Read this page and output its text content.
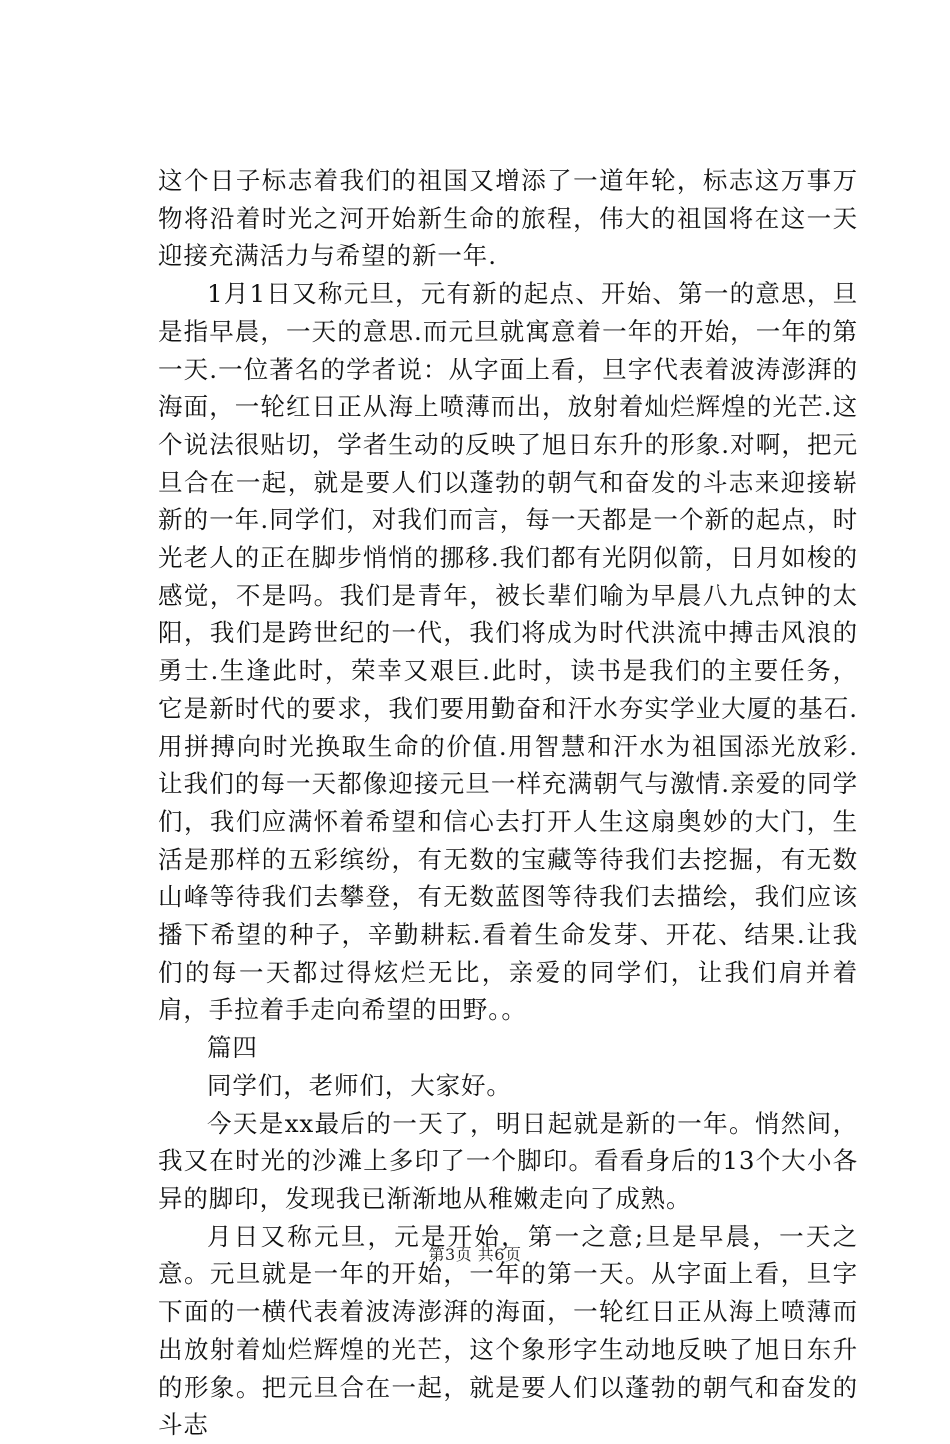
这个日子标志着我们的祖国又增添了一道年轮，标志这万事万物将沿着时光之河开始新生命的旅程，伟大的祖国将在这一天迎接充满活力与希望的新一年.

1月1日又称元旦，元有新的起点、开始、第一的意思，旦是指早晨，一天的意思.而元旦就寓意着一年的开始，一年的第一天.一位著名的学者说：从字面上看，旦字代表着波涛澎湃的海面，一轮红日正从海上喷薄而出，放射着灿烂辉煌的光芒.这个说法很贴切，学者生动的反映了旭日东升的形象.对啊，把元旦合在一起，就是要人们以蓬勃的朝气和奋发的斗志来迎接崭新的一年.同学们，对我们而言，每一天都是一个新的起点，时光老人的正在脚步悄悄的挪移.我们都有光阴似箭，日月如梭的感觉，不是吗。我们是青年，被长辈们喻为早晨八九点钟的太阳，我们是跨世纪的一代，我们将成为时代洪流中搏击风浪的勇士.生逢此时，荣幸又艰巨.此时，读书是我们的主要任务，它是新时代的要求，我们要用勤奋和汗水夯实学业大厦的基石.用拼搏向时光换取生命的价值.用智慧和汗水为祖国添光放彩.让我们的每一天都像迎接元旦一样充满朝气与激情.亲爱的同学们，我们应满怀着希望和信心去打开人生这扇奥妙的大门，生活是那样的五彩缤纷，有无数的宝藏等待我们去挖掘，有无数山峰等待我们去攀登，有无数蓝图等待我们去描绘，我们应该播下希望的种子，辛勤耕耘.看着生命发芽、开花、结果.让我们的每一天都过得炫烂无比，亲爱的同学们，让我们肩并着肩，手拉着手走向希望的田野。。

篇四

同学们，老师们，大家好。

今天是xx最后的一天了，明日起就是新的一年。悄然间，我又在时光的沙滩上多印了一个脚印。看看身后的13个大小各异的脚印，发现我已渐渐地从稚嫩走向了成熟。

月日又称元旦，元是开始，第一之意;旦是早晨，一天之意。元旦就是一年的开始，一年的第一天。从字面上看，旦字下面的一横代表着波涛澎湃的海面，一轮红日正从海上喷薄而出放射着灿烂辉煌的光芒，这个象形字生动地反映了旭日东升的形象。把元旦合在一起，就是要人们以蓬勃的朝气和奋发的斗志

第3页 共6页
